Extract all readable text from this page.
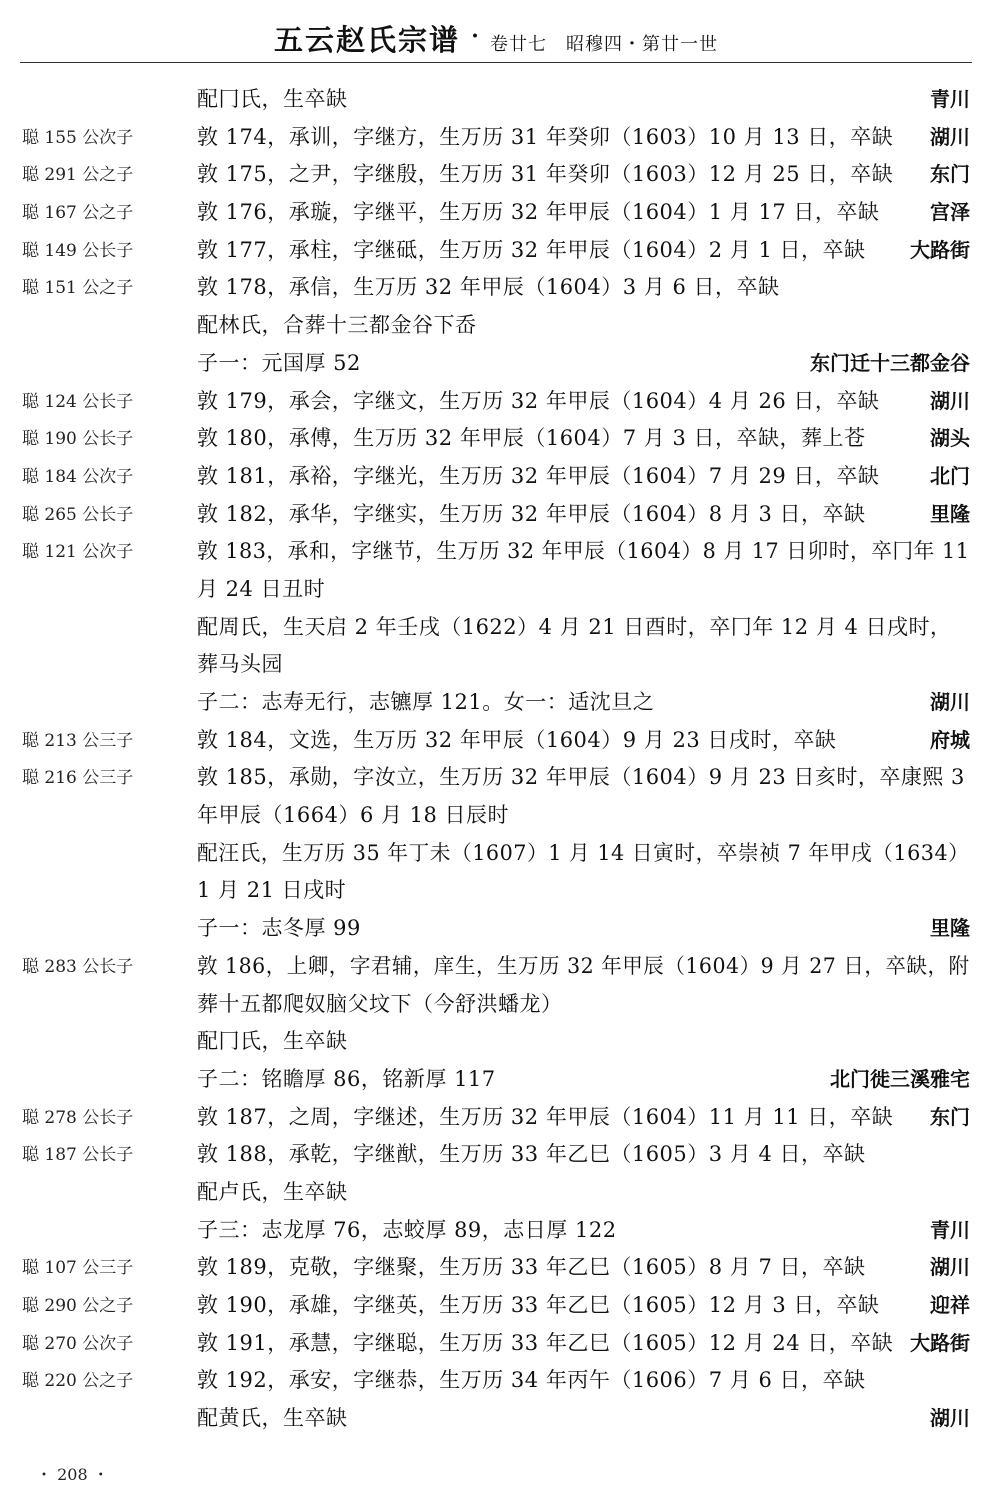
五云赵氏宗谱 ・ 卷廿七　昭穆四・第廿一世
配冂氏，生卒缺	青川
聪 155 公次子	敦 174，承训，字继方，生万历 31 年癸卯（1603）10 月 13 日，卒缺 湖川
聪 291 公之子	敦 175，之尹，字继殷，生万历 31 年癸卯（1603）12 月 25 日，卒缺 东门
聪 167 公之子	敦 176，承璇，字继平，生万历 32 年甲辰（1604）1 月 17 日，卒缺	宫泽
聪 149 公长子	敦 177，承柱，字继砥，生万历 32 年甲辰（1604）2 月 1 日，卒缺 大路街
聪 151 公之子	敦 178，承信，生万历 32 年甲辰（1604）3 月 6 日，卒缺
配林氏，合葬十三都金谷下岙
子一：元国厚 52	东门迁十三都金谷
聪 124 公长子	敦 179，承会，字继文，生万历 32 年甲辰（1604）4 月 26 日，卒缺	湖川
聪 190 公长子	敦 180，承傅，生万历 32 年甲辰（1604）7 月 3 日，卒缺，葬上苍	湖头
聪 184 公次子	敦 181，承裕，字继光，生万历 32 年甲辰（1604）7 月 29 日，卒缺	北门
聪 265 公长子	敦 182，承华，字继实，生万历 32 年甲辰（1604）8 月 3 日，卒缺	里隆
聪 121 公次子	敦 183，承和，字继节，生万历 32 年甲辰（1604）8 月 17 日卯时，卒冂年 11
月 24 日丑时
配周氏，生天启 2 年壬戌（1622）4 月 21 日酉时，卒冂年 12 月 4 日戌时，
葬马头园
子二：志寿无行，志镳厚 121。女一：适沈旦之	湖川
聪 213 公三子	敦 184，文选，生万历 32 年甲辰（1604）9 月 23 日戌时，卒缺	府城
聪 216 公三子	敦 185，承勋，字汝立，生万历 32 年甲辰（1604）9 月 23 日亥时，卒康熙 3
年甲辰（1664）6 月 18 日辰时
配汪氏，生万历 35 年丁未（1607）1 月 14 日寅时，卒崇祯 7 年甲戌（1634）
1 月 21 日戌时
子一：志冬厚 99	里隆
聪 283 公长子	敦 186，上卿，字君辅，庠生，生万历 32 年甲辰（1604）9 月 27 日，卒缺，附
葬十五都爬奴脑父坟下（今舒洪蟠龙）
配冂氏，生卒缺
子二：铭瞻厚 86，铭新厚 117	北门徙三溪雅宅
聪 278 公长子	敦 187，之周，字继述，生万历 32 年甲辰（1604）11 月 11 日，卒缺 东门
聪 187 公长子	敦 188，承乾，字继猷，生万历 33 年乙巳（1605）3 月 4 日，卒缺
配卢氏，生卒缺
子三：志龙厚 76，志蛟厚 89，志日厚 122	青川
聪 107 公三子	敦 189，克敬，字继聚，生万历 33 年乙巳（1605）8 月 7 日，卒缺	湖川
聪 290 公之子	敦 190，承雄，字继英，生万历 33 年乙巳（1605）12 月 3 日，卒缺	迎祥
聪 270 公次子	敦 191，承慧，字继聪，生万历 33 年乙巳（1605）12 月 24 日，卒缺 大路街
聪 220 公之子	敦 192，承安，字继恭，生万历 34 年丙午（1606）7 月 6 日，卒缺
配黄氏，生卒缺	湖川
・ 208 ・
